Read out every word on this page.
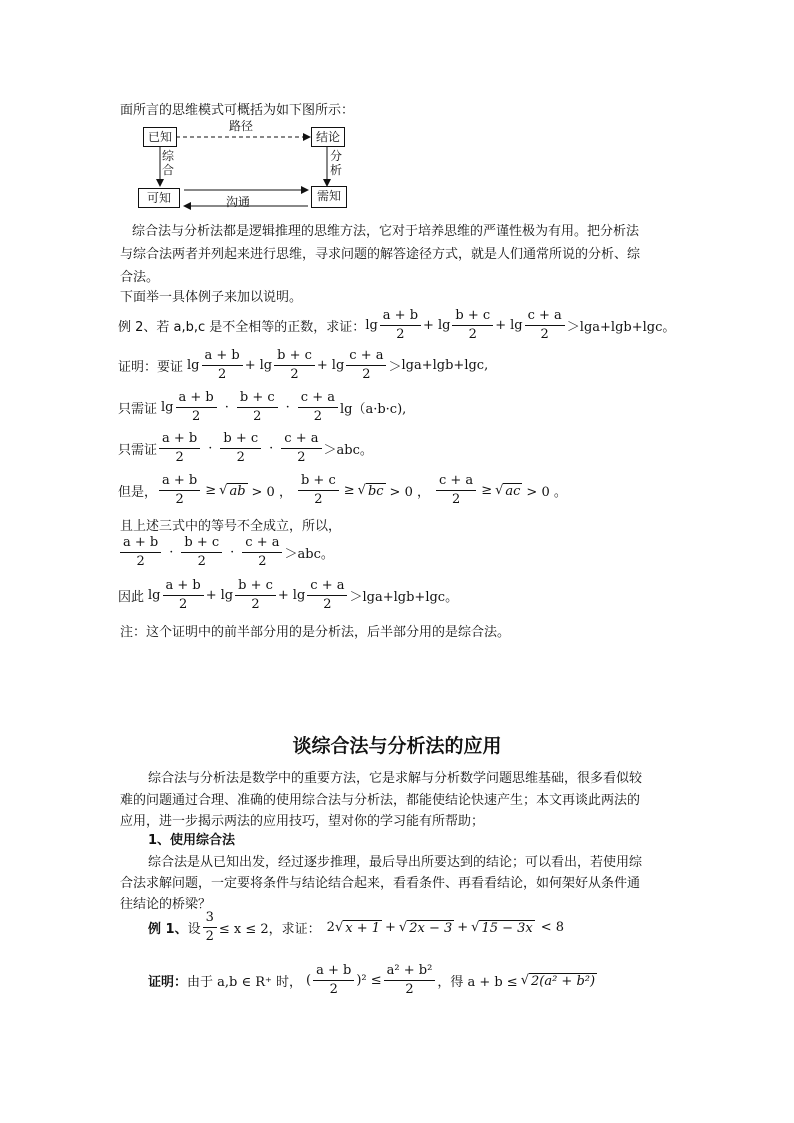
面所言的思维模式可概括为如下图所示：
已知
路径
结论
综合
分析
可知	沟通	需知
综合法与分析法都是逻辑推理的思维方法，它对于培养思维的严谨性极为有用。把分析法
与综合法两者并列起来进行思维，寻求问题的解答途径方式，就是人们通常所说的分析、综
合法。
下面举一具体例子来加以说明。
例 2、若 a,b,c 是不全相等的正数，求证： $\lg \frac{a + b}{2} + \lg \frac{b + c}{2} + \lg \frac{c + a}{2} > \lg a+\lg b+\lg c$。
证明：要证 $\lg \frac{a + b}{2} + \lg \frac{b + c}{2} + \lg \frac{c + a}{2} > \lg a+\lg b+\lg c$,
只需证 $\lg \frac{a + b}{2} \cdot \frac{b + c}{2} \cdot \frac{c + a}{2} \lg(a\cdot b\cdot c)$,
只需证 $\frac{a + b}{2} \cdot \frac{b + c}{2} \cdot \frac{c + a}{2}$ ＞ abc。
但是， $\frac{a + b}{2}$ ≥ √ ab > 0 ， $\frac{b + c}{2}$ ≥ √ bc > 0 ， $\frac{c + a}{2}$ ≥ √ ac > 0 。
且上述三式中的等号不全成立，所以，
$\frac{a + b}{2} \cdot \frac{b + c}{2} \cdot \frac{c + a}{2}$ ＞ abc。
因此 $\lg \frac{a + b}{2} + \lg \frac{b + c}{2} + \lg \frac{c + a}{2} > \lg a+\lg b+\lg c$。
注：这个证明中的前半部分用的是分析法，后半部分用的是综合法。
谈综合法与分析法的应用
综合法与分析法是数学中的重要方法，它是求解与分析数学问题思维基础，很多看似较
难的问题通过合理、准确的使用综合法与分析法，都能使结论快速产生；本文再谈此两法的
应用，进一步揭示两法的应用技巧，望对你的学习能有所帮助；
1、使用综合法
综合法是从已知出发，经过逐步推理，最后导出所要达到的结论；可以看出，若使用综
合法求解问题，一定要将条件与结论结合起来，看看条件、再看看结论，如何架好从条件通
往结论的桥梁？
例 1、 设 $\frac{3}{2} \le x \le 2$，求证： 2 √ x + 1 + √ 2x − 3 + √ 15 − 3x < 8
证明： 由于 a,b ∈ R⁺ 时， ( $\frac{a + b}{2} )^2 \le \frac{\text{a² + b²}}{2}$ ，得 a + b ≤ √ 2(a² + b²)
